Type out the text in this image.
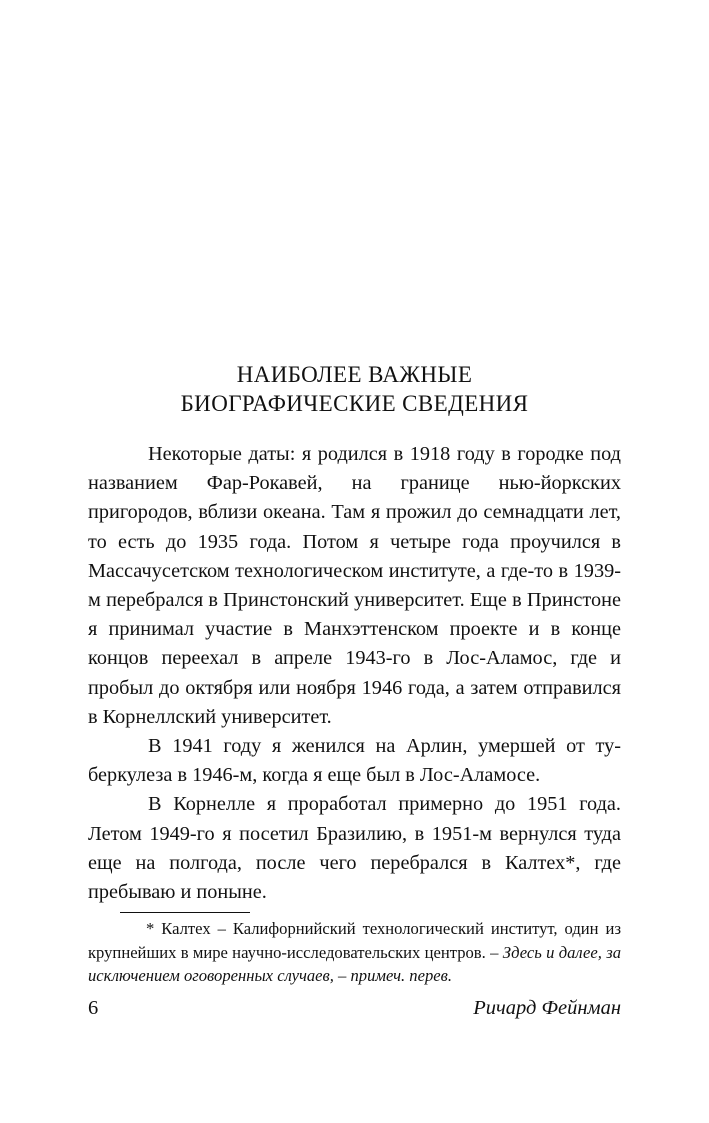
НАИБОЛЕЕ ВАЖНЫЕ
БИОГРАФИЧЕСКИЕ СВЕДЕНИЯ

Некоторые даты: я родился в 1918 году в городке под названием Фар-Рокавей, на границе нью-йоркских пригородов, вблизи океана. Там я прожил до семнадцати лет, то есть до 1935 года. Потом я четыре года проучился в Массачусетском технологическом институте, а где-то в 1939-м перебрался в Принстонский университет. Еще в Принстоне я принимал участие в Манхэттенском проекте и в конце концов переехал в апреле 1943-го в Лос-Аламос, где и пробыл до октября или ноября 1946 года, а затем отправился в Корнеллский университет.

В 1941 году я женился на Арлин, умершей от туберкулеза в 1946-м, когда я еще был в Лос-Аламосе.

В Корнелле я проработал примерно до 1951 года. Летом 1949-го я посетил Бразилию, в 1951-м вернулся туда еще на полгода, после чего перебрался в Калтех*, где пребываю и поныне.

* Калтех – Калифорнийский технологический институт, один из крупнейших в мире научно-исследовательских центров. – Здесь и далее, за исключением оговоренных случаев, – примеч. перев.

6	Ричард Фейнман
